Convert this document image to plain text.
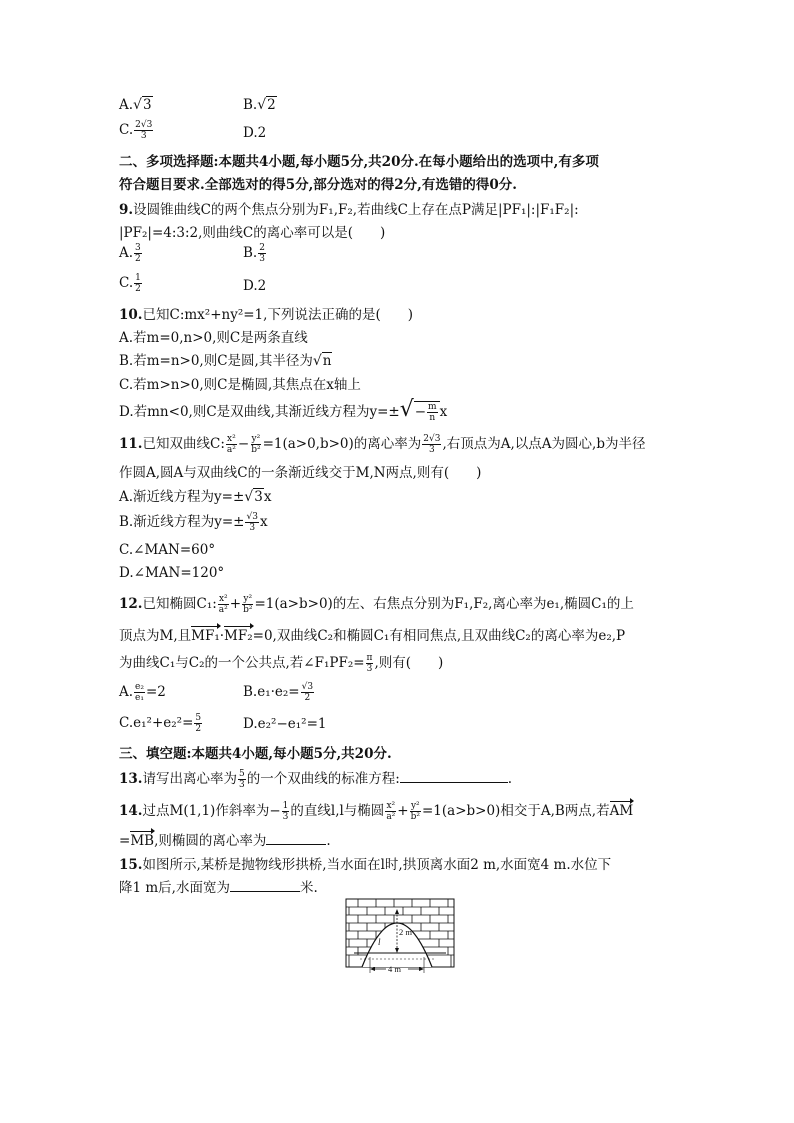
A.√3	B.√2
C. $\frac{2√3}{3}$	D.2
二、多项选择题:本题共4小题,每小题5分,共20分.在每小题给出的选项中,有多项
符合题目要求.全部选对的得5分,部分选对的得2分,有选错的得0分.
9.设圆锥曲线C的两个焦点分别为F₁,F₂,若曲线C上存在点P满足|PF₁|:|F₁F₂|:
|PF₂|=4:3:2,则曲线C的离心率可以是(　　)
A. $\frac{3}{2}$	B. $\frac{2}{3}$
C. $\frac{1}{2}$	D.2
10.已知C:mx²+ny²=1,下列说法正确的是(　　)
A.若m=0,n>0,则C是两条直线
B.若m=n>0,则C是圆,其半径为√n
C.若m>n>0,则C是椭圆,其焦点在x轴上
D.若mn<0,则C是双曲线,其渐近线方程为$y=\pm√- \frac{m}{n}$ x
11.已知双曲线C: $\frac{\text{x²}}{\text{a²}} - \frac{\text{y²}}{\text{b²}} =1(a>0,b>0)$的离心率为 $\frac{2√3}{3}$ ,右顶点为A,以点A为圆心,b为半径
作圆A,圆A与双曲线C的一条渐近线交于M,N两点,则有(　　)
A.渐近线方程为y=±√3x
B.渐近线方程为$y=\pm \frac{√3}{3}$ x
C.∠MAN=60°
D.∠MAN=120°
12.已知椭圆C₁: $\frac{\text{x²}}{\text{a²}} + \frac{\text{y²}}{\text{b²}} =1(a>b>0)$的左、右焦点分别为F₁,F₂,离心率为e₁,椭圆C₁的上
顶点为M,且MF₁·MF₂=0,双曲线C₂和椭圆C₁有相同焦点,且双曲线C₂的离心率为e₂,P
为曲线C₁与C₂的一个公共点,若∠F₁PF₂= $\frac{\pi}{3}$ ,则有(　　)
A. $\frac{\text{e₂}}{\text{e₁}} =2$	$B.e_1\cdot e_2= \frac{√3}{2}$
$C.e_1^2+e_2^2= \frac{5}{2}$	D.e₂²−e₁²=1
三、填空题:本题共4小题,每小题5分,共20分.
13.请写出离心率为 $\frac{5}{3}$ 的一个双曲线的标准方程:	.
14.过点M(1,1)作斜率为− $\frac{1}{3}$ 的直线l,l与椭圆 $\frac{\text{x²}}{\text{a²}} + \frac{\text{y²}}{\text{b²}} =1(a>b>0)$相交于A,B两点,若AM
=MB,则椭圆的离心率为	.
15.如图所示,某桥是抛物线形拱桥,当水面在l时,拱顶离水面2 m,水面宽4 m.水位下
降1 m后,水面宽为	米.
2 m
l
4 m
